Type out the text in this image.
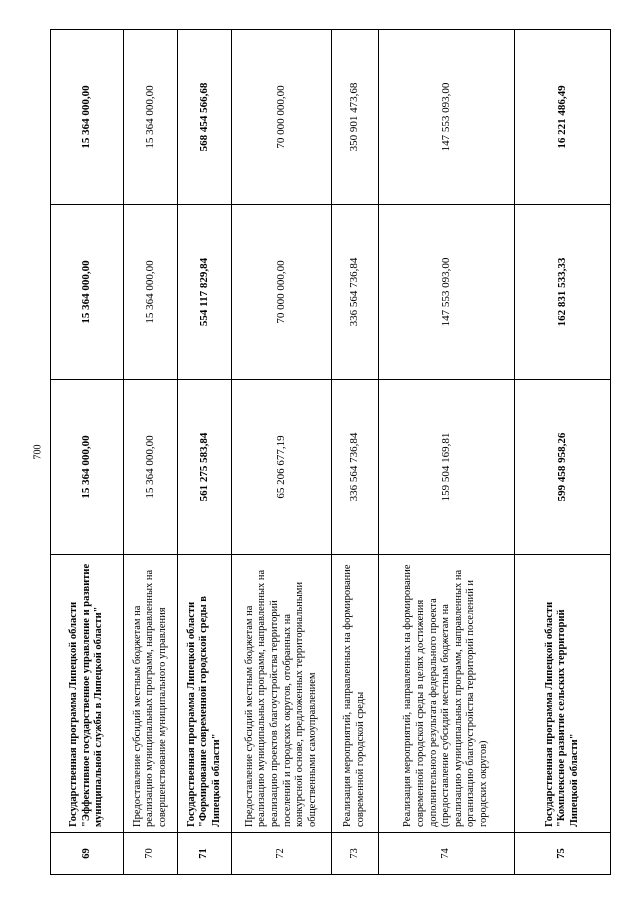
700
69	Государственная программа Липецкой области "Эффективное государственное управление и развитие муниципальной службы в Липецкой области"	15 364 000,00	15 364 000,00	15 364 000,00
70	Предоставление субсидий местным бюджетам на реализацию муниципальных программ, направленных на совершенствование муниципального управления	15 364 000,00	15 364 000,00	15 364 000,00
71	Государственная программа Липецкой области "Формирование современной городской среды в Липецкой области"	561 275 583,84	554 117 829,84	568 454 566,68
72	Предоставление субсидий местным бюджетам на реализацию муниципальных программ, направленных на реализацию проектов благоустройства территорий поселений и городских округов, отобранных на конкурсной основе, предложенных территориальными общественными самоуправлением	65 206 677,19	70 000 000,00	70 000 000,00
73	Реализация мероприятий, направленных на формирование современной городской среды	336 564 736,84	336 564 736,84	350 901 473,68
74	Реализация мероприятий, направленных на формирование современной городской среды в целях достижения дополнительного результата федерального проекта (предоставление субсидий местным бюджетам на реализацию муниципальных программ, направленных на организацию благоустройства территорий поселений и городских округов)	159 504 169,81	147 553 093,00	147 553 093,00
75	Государственная программа Липецкой области "Комплексное развитие сельских территорий Липецкой области"	599 458 958,26	162 831 533,33	16 221 486,49
